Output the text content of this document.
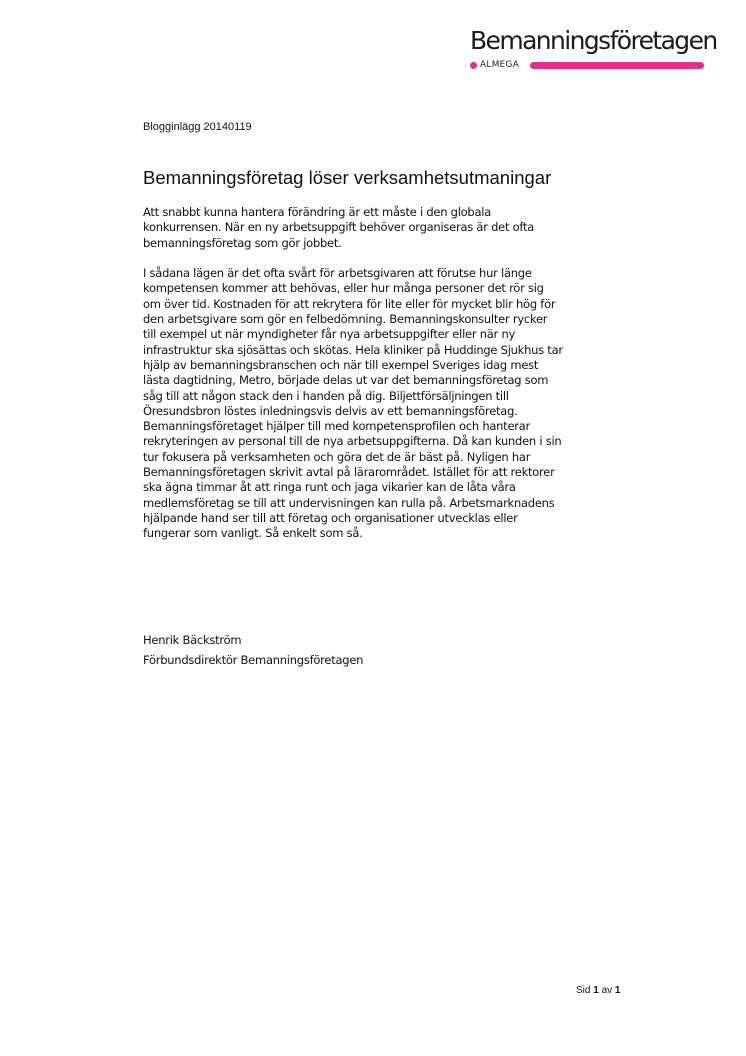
Bemanningsföretagen
ALMEGA
Blogginlägg 20140119
Bemanningsföretag löser verksamhetsutmaningar

Att snabbt kunna hantera förändring är ett måste i den globala
konkurrensen. När en ny arbetsuppgift behöver organiseras är det ofta
bemanningsföretag som gör jobbet.

I sådana lägen är det ofta svårt för arbetsgivaren att förutse hur länge
kompetensen kommer att behövas, eller hur många personer det rör sig
om över tid. Kostnaden för att rekrytera för lite eller för mycket blir hög för
den arbetsgivare som gör en felbedömning. Bemanningskonsulter rycker
till exempel ut när myndigheter får nya arbetsuppgifter eller när ny
infrastruktur ska sjösättas och skötas. Hela kliniker på Huddinge Sjukhus tar
hjälp av bemanningsbranschen och när till exempel Sveriges idag mest
lästa dagtidning, Metro, började delas ut var det bemanningsföretag som
såg till att någon stack den i handen på dig. Biljettförsäljningen till
Öresundsbron löstes inledningsvis delvis av ett bemanningsföretag.
Bemanningsföretaget hjälper till med kompetensprofilen och hanterar
rekryteringen av personal till de nya arbetsuppgifterna. Då kan kunden i sin
tur fokusera på verksamheten och göra det de är bäst på. Nyligen har
Bemanningsföretagen skrivit avtal på lärarområdet. Istället för att rektorer
ska ägna timmar åt att ringa runt och jaga vikarier kan de låta våra
medlemsföretag se till att undervisningen kan rulla på. Arbetsmarknadens
hjälpande hand ser till att företag och organisationer utvecklas eller
fungerar som vanligt. Så enkelt som så.

Henrik Bäckström
Förbundsdirektör Bemanningsföretagen
Sid 1 av 1
